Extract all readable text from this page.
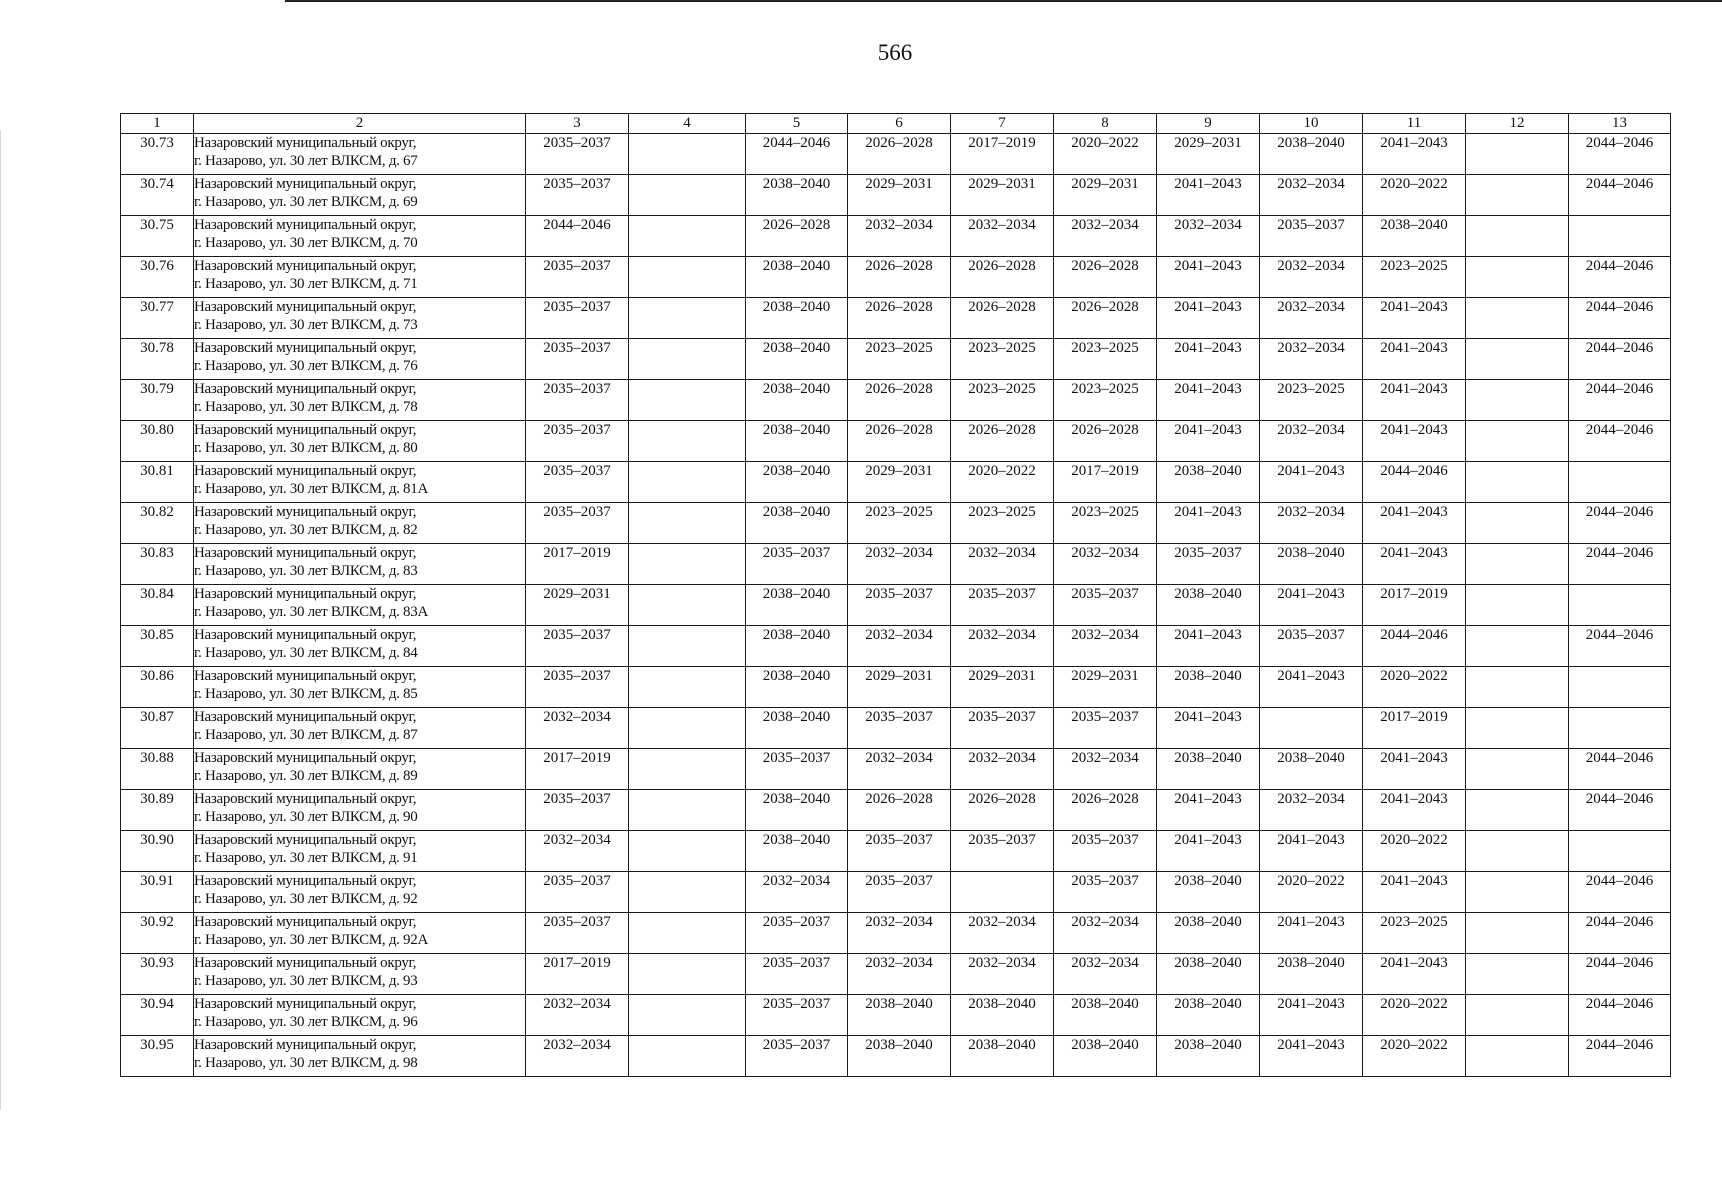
566
1	2	3	4	5	6	7	8	9	10	11	12	13
30.73	Назаровский муниципальный округ,
г. Назарово, ул. 30 лет ВЛКСМ, д. 67	2035–2037		2044–2046	2026–2028	2017–2019	2020–2022	2029–2031	2038–2040	2041–2043		2044–2046
30.74	Назаровский муниципальный округ,
г. Назарово, ул. 30 лет ВЛКСМ, д. 69	2035–2037		2038–2040	2029–2031	2029–2031	2029–2031	2041–2043	2032–2034	2020–2022		2044–2046
30.75	Назаровский муниципальный округ,
г. Назарово, ул. 30 лет ВЛКСМ, д. 70	2044–2046		2026–2028	2032–2034	2032–2034	2032–2034	2032–2034	2035–2037	2038–2040		
30.76	Назаровский муниципальный округ,
г. Назарово, ул. 30 лет ВЛКСМ, д. 71	2035–2037		2038–2040	2026–2028	2026–2028	2026–2028	2041–2043	2032–2034	2023–2025		2044–2046
30.77	Назаровский муниципальный округ,
г. Назарово, ул. 30 лет ВЛКСМ, д. 73	2035–2037		2038–2040	2026–2028	2026–2028	2026–2028	2041–2043	2032–2034	2041–2043		2044–2046
30.78	Назаровский муниципальный округ,
г. Назарово, ул. 30 лет ВЛКСМ, д. 76	2035–2037		2038–2040	2023–2025	2023–2025	2023–2025	2041–2043	2032–2034	2041–2043		2044–2046
30.79	Назаровский муниципальный округ,
г. Назарово, ул. 30 лет ВЛКСМ, д. 78	2035–2037		2038–2040	2026–2028	2023–2025	2023–2025	2041–2043	2023–2025	2041–2043		2044–2046
30.80	Назаровский муниципальный округ,
г. Назарово, ул. 30 лет ВЛКСМ, д. 80	2035–2037		2038–2040	2026–2028	2026–2028	2026–2028	2041–2043	2032–2034	2041–2043		2044–2046
30.81	Назаровский муниципальный округ,
г. Назарово, ул. 30 лет ВЛКСМ, д. 81А	2035–2037		2038–2040	2029–2031	2020–2022	2017–2019	2038–2040	2041–2043	2044–2046		
30.82	Назаровский муниципальный округ,
г. Назарово, ул. 30 лет ВЛКСМ, д. 82	2035–2037		2038–2040	2023–2025	2023–2025	2023–2025	2041–2043	2032–2034	2041–2043		2044–2046
30.83	Назаровский муниципальный округ,
г. Назарово, ул. 30 лет ВЛКСМ, д. 83	2017–2019		2035–2037	2032–2034	2032–2034	2032–2034	2035–2037	2038–2040	2041–2043		2044–2046
30.84	Назаровский муниципальный округ,
г. Назарово, ул. 30 лет ВЛКСМ, д. 83А	2029–2031		2038–2040	2035–2037	2035–2037	2035–2037	2038–2040	2041–2043	2017–2019		
30.85	Назаровский муниципальный округ,
г. Назарово, ул. 30 лет ВЛКСМ, д. 84	2035–2037		2038–2040	2032–2034	2032–2034	2032–2034	2041–2043	2035–2037	2044–2046		2044–2046
30.86	Назаровский муниципальный округ,
г. Назарово, ул. 30 лет ВЛКСМ, д. 85	2035–2037		2038–2040	2029–2031	2029–2031	2029–2031	2038–2040	2041–2043	2020–2022		
30.87	Назаровский муниципальный округ,
г. Назарово, ул. 30 лет ВЛКСМ, д. 87	2032–2034		2038–2040	2035–2037	2035–2037	2035–2037	2041–2043		2017–2019		
30.88	Назаровский муниципальный округ,
г. Назарово, ул. 30 лет ВЛКСМ, д. 89	2017–2019		2035–2037	2032–2034	2032–2034	2032–2034	2038–2040	2038–2040	2041–2043		2044–2046
30.89	Назаровский муниципальный округ,
г. Назарово, ул. 30 лет ВЛКСМ, д. 90	2035–2037		2038–2040	2026–2028	2026–2028	2026–2028	2041–2043	2032–2034	2041–2043		2044–2046
30.90	Назаровский муниципальный округ,
г. Назарово, ул. 30 лет ВЛКСМ, д. 91	2032–2034		2038–2040	2035–2037	2035–2037	2035–2037	2041–2043	2041–2043	2020–2022		
30.91	Назаровский муниципальный округ,
г. Назарово, ул. 30 лет ВЛКСМ, д. 92	2035–2037		2032–2034	2035–2037		2035–2037	2038–2040	2020–2022	2041–2043		2044–2046
30.92	Назаровский муниципальный округ,
г. Назарово, ул. 30 лет ВЛКСМ, д. 92А	2035–2037		2035–2037	2032–2034	2032–2034	2032–2034	2038–2040	2041–2043	2023–2025		2044–2046
30.93	Назаровский муниципальный округ,
г. Назарово, ул. 30 лет ВЛКСМ, д. 93	2017–2019		2035–2037	2032–2034	2032–2034	2032–2034	2038–2040	2038–2040	2041–2043		2044–2046
30.94	Назаровский муниципальный округ,
г. Назарово, ул. 30 лет ВЛКСМ, д. 96	2032–2034		2035–2037	2038–2040	2038–2040	2038–2040	2038–2040	2041–2043	2020–2022		2044–2046
30.95	Назаровский муниципальный округ,
г. Назарово, ул. 30 лет ВЛКСМ, д. 98	2032–2034		2035–2037	2038–2040	2038–2040	2038–2040	2038–2040	2041–2043	2020–2022		2044–2046
